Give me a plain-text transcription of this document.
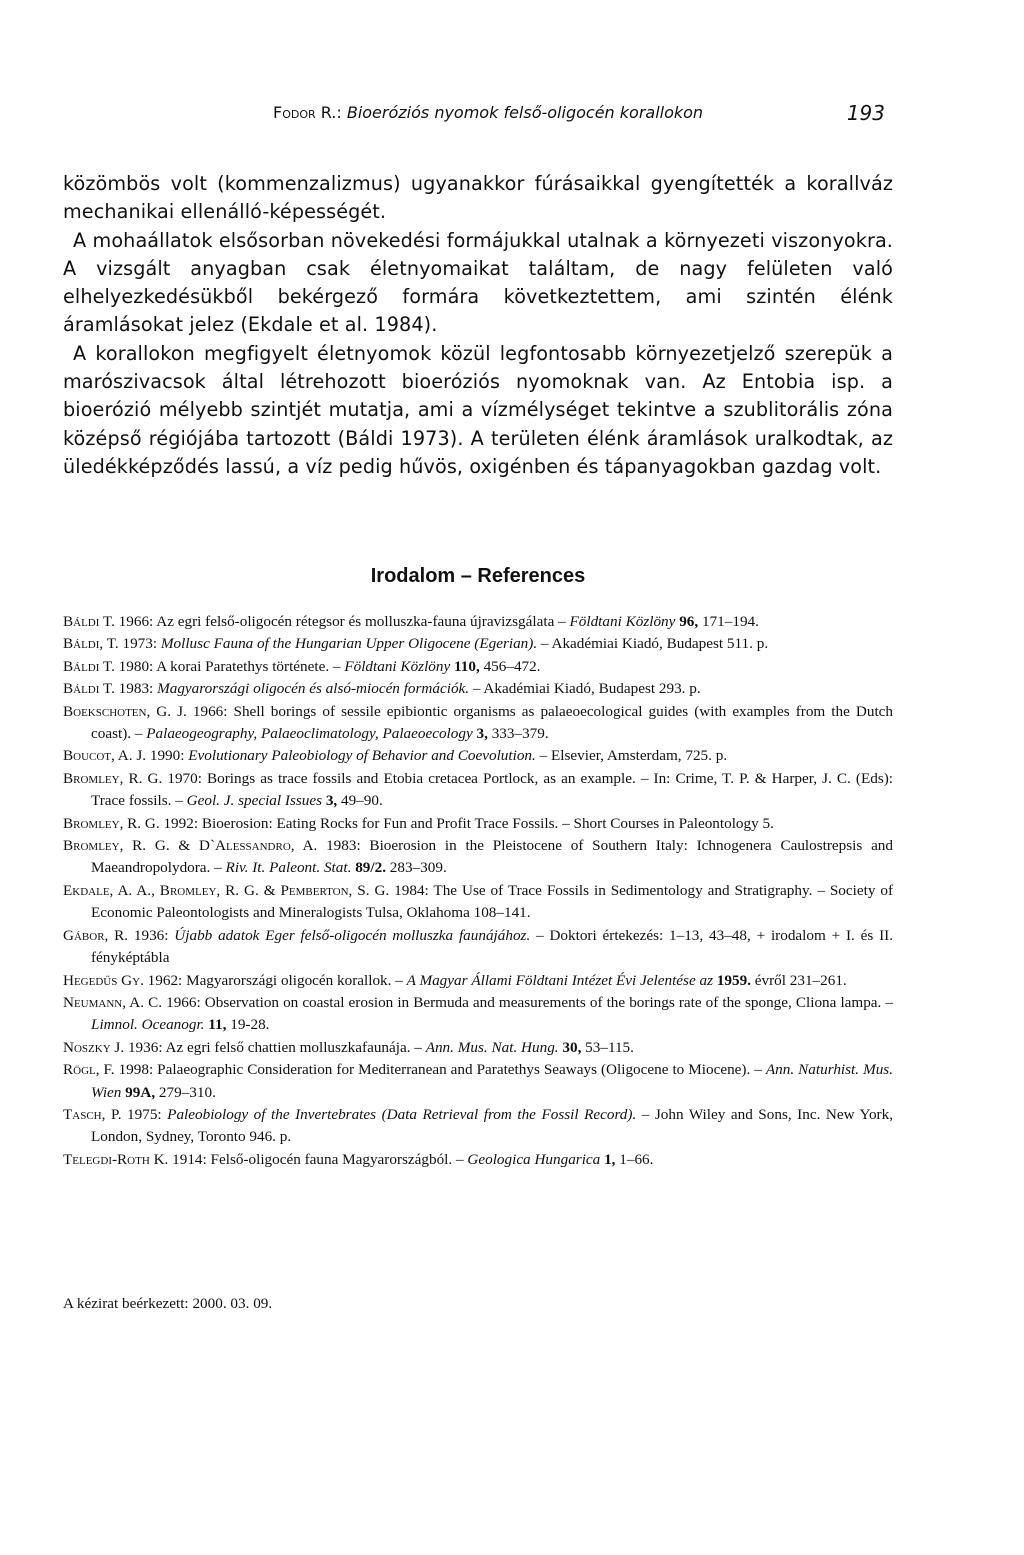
Fodor R.: Bioeróziós nyomok felső-oligocén korallokon	193

közömbös volt (kommenzalizmus) ugyanakkor fúrásaikkal gyengítették a korallváz mechanikai ellenálló-képességét.

A mohaállatok elsősorban növekedési formájukkal utalnak a környezeti viszonyokra. A vizsgált anyagban csak életnyomaikat találtam, de nagy felületen való elhelyezkedésükből bekérgező formára következtettem, ami szintén élénk áramlásokat jelez (Ekdale et al. 1984).

A korallokon megfigyelt életnyomok közül legfontosabb környezetjelző szerepük a marószivacsok által létrehozott bioeróziós nyomoknak van. Az Entobia isp. a bioerózió mélyebb szintjét mutatja, ami a vízmélységet tekintve a szublitorális zóna középső régiójába tartozott (Báldi 1973). A területen élénk áramlások uralkodtak, az üledékképződés lassú, a víz pedig hűvös, oxigénben és tápanyagokban gazdag volt.

Irodalom – References
Báldi T. 1966: Az egri felső-oligocén rétegsor és molluszka-fauna újravizsgálata – Földtani Közlöny 96, 171–194.
Báldi, T. 1973: Mollusc Fauna of the Hungarian Upper Oligocene (Egerian). – Akadémiai Kiadó, Budapest 511. p.
Báldi T. 1980: A korai Paratethys története. – Földtani Közlöny 110, 456–472.
Báldi T. 1983: Magyarországi oligocén és alsó-miocén formációk. – Akadémiai Kiadó, Budapest 293. p.
Boekschoten, G. J. 1966: Shell borings of sessile epibiontic organisms as palaeoecological guides (with examples from the Dutch coast). – Palaeogeography, Palaeoclimatology, Palaeoecology 3, 333–379.
Boucot, A. J. 1990: Evolutionary Paleobiology of Behavior and Coevolution. – Elsevier, Amsterdam, 725. p.
Bromley, R. G. 1970: Borings as trace fossils and Etobia cretacea Portlock, as an example. – In: Crime, T. P. & Harper, J. C. (Eds): Trace fossils. – Geol. J. special Issues 3, 49–90.
Bromley, R. G. 1992: Bioerosion: Eating Rocks for Fun and Profit Trace Fossils. – Short Courses in Paleontology 5.
Bromley, R. G. & D`Alessandro, A. 1983: Bioerosion in the Pleistocene of Southern Italy: Ichnogenera Caulostrepsis and Maeandropolydora. – Riv. It. Paleont. Stat. 89/2. 283–309.
Ekdale, A. A., Bromley, R. G. & Pemberton, S. G. 1984: The Use of Trace Fossils in Sedimentology and Stratigraphy. – Society of Economic Paleontologists and Mineralogists Tulsa, Oklahoma 108–141.
Gábor, R. 1936: Újabb adatok Eger felső-oligocén molluszka faunájához. – Doktori értekezés: 1–13, 43–48, + irodalom + I. és II. fényképtábla
Hegedűs Gy. 1962: Magyarországi oligocén korallok. – A Magyar Állami Földtani Intézet Évi Jelentése az 1959. évről 231–261.
Neumann, A. C. 1966: Observation on coastal erosion in Bermuda and measurements of the borings rate of the sponge, Cliona lampa. – Limnol. Oceanogr. 11, 19-28.
Noszky J. 1936: Az egri felső chattien molluszkafaunája. – Ann. Mus. Nat. Hung. 30, 53–115.
Rögl, F. 1998: Palaeographic Consideration for Mediterranean and Paratethys Seaways (Oligocene to Miocene). – Ann. Naturhist. Mus. Wien 99A, 279–310.
Tasch, P. 1975: Paleobiology of the Invertebrates (Data Retrieval from the Fossil Record). – John Wiley and Sons, Inc. New York, London, Sydney, Toronto 946. p.
Telegdi-Roth K. 1914: Felső-oligocén fauna Magyarországból. – Geologica Hungarica 1, 1–66.
A kézirat beérkezett: 2000. 03. 09.
